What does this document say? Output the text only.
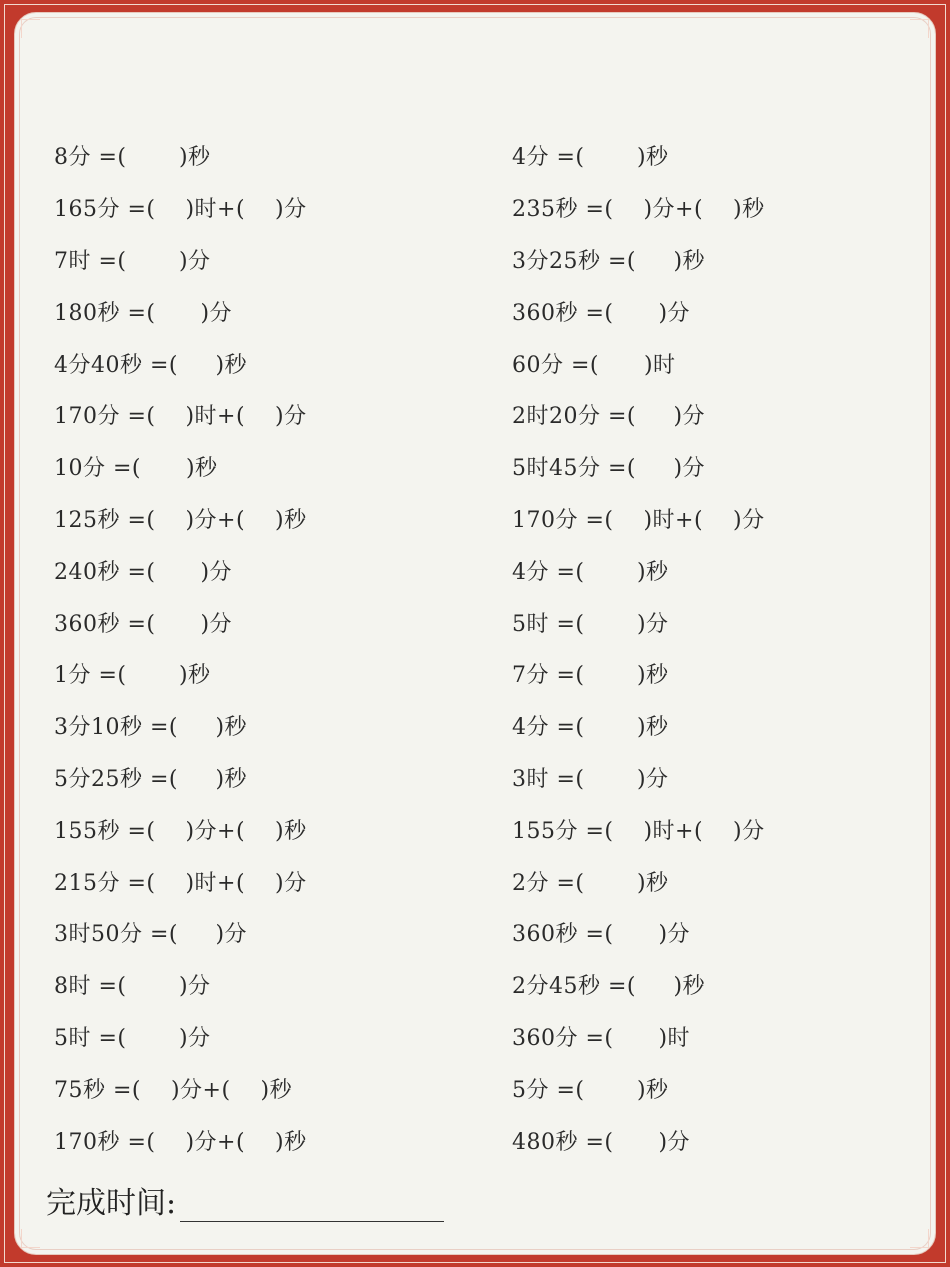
8分 =(       )秒
165分 =(    )时+(    )分
7时 =(       )分
180秒 =(      )分
4分40秒 =(     )秒
170分 =(    )时+(    )分
10分 =(      )秒
125秒 =(    )分+(    )秒
240秒 =(      )分
360秒 =(      )分
1分 =(       )秒
3分10秒 =(     )秒
5分25秒 =(     )秒
155秒 =(    )分+(    )秒
215分 =(    )时+(    )分
3时50分 =(     )分
8时 =(       )分
5时 =(       )分
75秒 =(    )分+(    )秒
170秒 =(    )分+(    )秒
4分 =(       )秒
235秒 =(    )分+(    )秒
3分25秒 =(     )秒
360秒 =(      )分
60分 =(      )时
2时20分 =(     )分
5时45分 =(     )分
170分 =(    )时+(    )分
4分 =(       )秒
5时 =(       )分
7分 =(       )秒
4分 =(       )秒
3时 =(       )分
155分 =(    )时+(    )分
2分 =(       )秒
360秒 =(      )分
2分45秒 =(     )秒
360分 =(      )时
5分 =(       )秒
480秒 =(      )分
完成时间:
